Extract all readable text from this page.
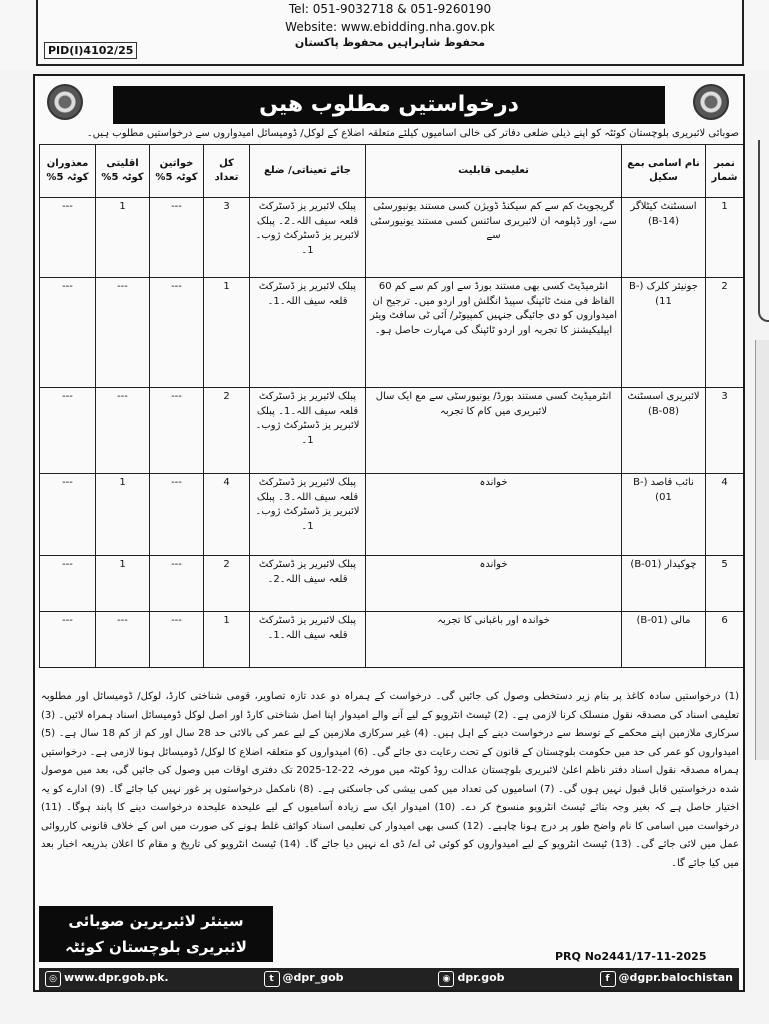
Tel: 051-9032718 & 051-9260190
Website: www.ebidding.nha.gov.pk
محفوظ شاہراہیں محفوظ پاکستان
PID(I)4102/25
درخواستیں مطلوب ھیں
صوبائی لائبریری بلوچستان کوئٹہ کو اپنے ذیلی ضلعی دفاتر کی خالی آسامیوں کیلئے متعلقہ اضلاع کے لوکل/ ڈومیسائل امیدواروں سے درخواستیں مطلوب ہیں۔
نمبر شمار	نام اسامی بمع سکیل	تعلیمی قابلیت	جائے تعیناتی/ ضلع	کل تعداد	خواتین کوٹہ 5%	اقلیتی کوٹہ 5%	معذوران کوٹہ 5%
1	اسسٹنٹ کیٹلاگر (B-14)	گریجویٹ کم سے کم سیکنڈ ڈویژن کسی مستند یونیورسٹی سے، اور ڈپلومہ ان لائبریری سائنس کسی مستند یونیورسٹی سے	پبلک لائبریر یز ڈسٹرکٹ قلعہ سیف اللہ۔2۔ پبلک لائبریر یز ڈسٹرکٹ ژوب۔1۔	3	---	1	---
2	جونیئر کلرک (B-11)	انٹرمیڈیٹ کسی بھی مستند بورڈ سے اور کم سے کم 60 الفاظ فی منٹ ٹائپنگ سپیڈ انگلش اور اردو میں۔ ترجیح ان امیدواروں کو دی جائیگی جنہیں کمپیوٹر/ آئی ٹی سافٹ ویئر ایپلیکیشنز کا تجربہ اور اردو ٹائپنگ کی مہارت حاصل ہو۔	پبلک لائبریر یز ڈسٹرکٹ قلعہ سیف اللہ۔1۔	1	---	---	---
3	لائبریری اسسٹنٹ (B-08)	انٹرمیڈیٹ کسی مستند بورڈ/ یونیورسٹی سے مع ایک سال لائبریری میں کام کا تجربہ	پبلک لائبریر یز ڈسٹرکٹ قلعہ سیف اللہ۔1۔ پبلک لائبریر یز ڈسٹرکٹ ژوب۔1۔	2	---	---	---
4	نائب قاصد (B-01)	خواندہ	پبلک لائبریر یز ڈسٹرکٹ قلعہ سیف اللہ۔3۔ پبلک لائبریر یز ڈسٹرکٹ ژوب۔1۔	4	---	1	---
5	چوکیدار (B-01)	خواندہ	پبلک لائبریر یز ڈسٹرکٹ قلعہ سیف اللہ۔2۔	2	---	1	---
6	مالی (B-01)	خواندہ اور باغبانی کا تجربہ	پبلک لائبریر یز ڈسٹرکٹ قلعہ سیف اللہ۔1۔	1	---	---	---
(1) درخواستیں سادہ کاغذ پر بنام زیر دستخطی وصول کی جائیں گی۔ درخواست کے ہمراہ دو عدد تازہ تصاویر، قومی شناختی کارڈ، لوکل/ ڈومیسائل اور مطلوبہ تعلیمی اسناد کی مصدقہ نقول منسلک کرنا لازمی ہے۔ (2) ٹیسٹ انٹرویو کے لیے آنے والے امیدوار اپنا اصل شناختی کارڈ اور اصل لوکل ڈومیسائل اسناد ہمراہ لائیں۔ (3) سرکاری ملازمین اپنے محکمے کے توسط سے درخواست دینے کے اہل ہیں۔ (4) غیر سرکاری ملازمین کے لیے عمر کی بالائی حد 28 سال اور کم از کم 18 سال ہے۔ (5) امیدواروں کو عمر کی حد میں حکومت بلوچستان کے قانون کے تحت رعایت دی جائے گی۔ (6) امیدواروں کو متعلقہ اضلاع کا لوکل/ ڈومیسائل ہونا لازمی ہے۔ درخواستیں ہمراہ مصدقہ نقول اسناد دفتر ناظم اعلیٰ لائبریری بلوچستان عدالت روڈ کوئٹہ میں مورخہ 22-12-2025 تک دفتری اوقات میں وصول کی جائیں گی، بعد میں موصول شدہ درخواستیں قابل قبول نہیں ہوں گی۔ (7) اسامیوں کی تعداد میں کمی بیشی کی جاسکتی ہے۔ (8) نامکمل درخواستوں پر غور نہیں کیا جائے گا۔ (9) ادارے کو یہ اختیار حاصل ہے کہ بغیر وجہ بتائے ٹیسٹ انٹرویو منسوخ کر دے۔ (10) امیدوار ایک سے زیادہ آسامیوں کے لیے علیحدہ علیحدہ درخواست دینے کا پابند ہوگا۔ (11) درخواست میں اسامی کا نام واضح طور پر درج ہونا چاہیے۔ (12) کسی بھی امیدوار کی تعلیمی اسناد کوائف غلط ہونے کی صورت میں اس کے خلاف قانونی کارروائی عمل میں لائی جائے گی۔ (13) ٹیسٹ انٹرویو کے لیے امیدواروں کو کوئی ٹی اے/ ڈی اے نہیں دیا جائے گا۔ (14) ٹیسٹ انٹرویو کی تاریخ و مقام کا اعلان بذریعہ اخبار بعد میں کیا جائے گا۔
سینئر لائبریرین صوبائی
لائبریری بلوچستان کوئٹہ
PRQ No2441/17-11-2025
◎ www.dpr.gob.pk.	t @dpr_gob	◉ dpr.gob	f @dgpr.balochistan
